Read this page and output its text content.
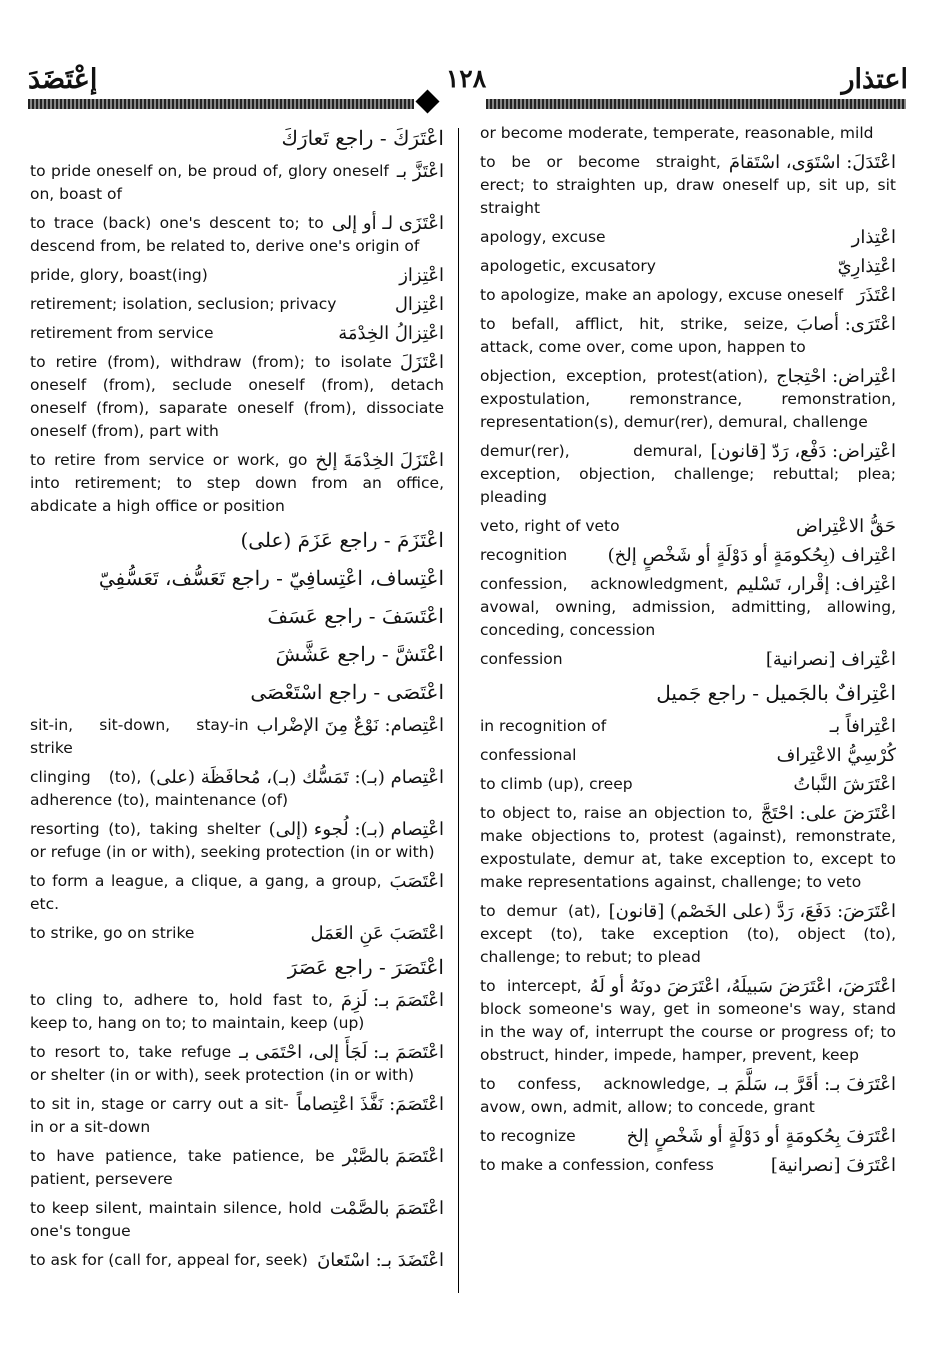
اعتذار
١٢٨
إعْتَضَدَ
اعْتَرَكَ - راجع تَعارَكَ
اعْتَزَّ بـ
to pride oneself on, be proud of, glory oneself on, boast of
اعْتَزَى لـ أو إلى
to trace (back) one's descent to; to descend from, be related to, derive one's origin of
اعْتِزاز
pride, glory, boast(ing)
اعْتِزال
retirement; isolation, seclusion; privacy
اعْتِزالُ الخِدْمَة
retirement from service
اعْتَزَلَ
to retire (from), withdraw (from); to isolate oneself (from), seclude oneself (from), detach oneself (from), saparate oneself (from), dissociate oneself (from), part with
اعْتَزَلَ الخِدْمَةَ إلخ
to retire from service or work, go into retirement; to step down from an office, abdicate a high office or position
اعْتَزَمَ - راجع عَزَمَ (على)
اعْتِساف، اعْتِسافِيّ - راجع تَعَسُّف، تَعَسُّفِيّ
اعْتَسَفَ - راجع عَسَفَ
اعْتَشَّ - راجع عَشَّشَ
اعْتَصَى - راجع اسْتَعْصَى
اعْتِصام: نَوْعٌ مِنَ الإضْراب
sit-in, sit-down, stay-in strike
اعْتِصام (بـ): تَمَسُّك (بـ)، مُحافَظَة (على)
clinging (to), adherence (to), maintenance (of)
اعْتِصام (بـ): لُجوء (إلى)
resorting (to), taking shelter or refuge (in or with), seeking protection (in or with)
اعْتَصَبَ
to form a league, a clique, a gang, a group, etc.
اعْتَصَبَ عَنِ العَمَل
to strike, go on strike
اعْتَصَرَ - راجع عَصَرَ
اعْتَصَمَ بـ: لَزِمَ
to cling to, adhere to, hold fast to, keep to, hang on to; to maintain, keep (up)
اعْتَصَمَ بـ: لَجَأَ إلى، احْتَمَى بـ
to resort to, take refuge or shelter (in or with), seek protection (in or with)
اعْتَصَمَ: نَفَّذَ اعْتِصاماً
to sit in, stage or carry out a sit-in or a sit-down
اعْتَصَمَ بالصَّبْر
to have patience, take patience, be patient, persevere
اعْتَصَمَ بالصَّمْت
to keep silent, maintain silence, hold one's tongue
اعْتَضَدَ بـ: اسْتَعانَ
to ask for (call for, appeal for, seek)
or become moderate, temperate, reasonable, mild
اعْتَدَلَ: اسْتَوَى، اسْتَقامَ
to be or become straight, erect; to straighten up, draw oneself up, sit up, sit straight
اعْتِذار
apology, excuse
اعْتِذارِيّ
apologetic, excusatory
اعْتَذَرَ
to apologize, make an apology, excuse oneself
اعْتَرَى: أصابَ
to befall, afflict, hit, strike, seize, attack, come over, come upon, happen to
اعْتِراض: احْتِجاج
objection, exception, protest(ation), expostulation, remonstrance, remonstration, representation(s), demur(rer), demural, challenge
اعْتِراض: دَفْع، رَدّ [قانون]
demur(rer), demural, exception, objection, challenge; rebuttal; plea; pleading
حَقُّ الاعْتِراض
veto, right of veto
اعْتِراف (بِحُكومَةٍ أو دَوْلَةٍ أو شَخْصٍ إلخ)
recognition
اعْتِراف: إقْرار، تَسْليم
confession, acknowledgment, avowal, owning, admission, admitting, allowing, conceding, concession
اعْتِراف [نصرانية]
confession
اعْتِرافٌ بالجَميل - راجع جَميل
اعْتِرافاً بـ
in recognition of
كُرْسِيُّ الاعْتِراف
confessional
اعْتَرَشَ النَّباتُ
to climb (up), creep
اعْتَرَضَ على: احْتَجَّ
to object to, raise an objection to, make objections to, protest (against), remonstrate, expostulate, demur at, take exception to, except to make representations against, challenge; to veto
اعْتَرَضَ: دَفَعَ، رَدَّ (على الخَصْم) [قانون]
to demur (at), except (to), take exception (to), object (to), challenge; to rebut; to plead
اعْتَرَضَ، اعْتَرَضَ سَبيلَهُ، اعْتَرَضَ دونَهُ أو لَهُ
to intercept, block someone's way, get in someone's way, stand in the way of, interrupt the course or progress of; to obstruct, hinder, impede, hamper, prevent, keep
اعْتَرَفَ بـ: أقَرَّ بـ، سَلَّمَ بـ
to confess, acknowledge, avow, own, admit, allow; to concede, grant
اعْتَرَفَ بِحُكومَةٍ أو دَوْلَةٍ أو شَخْصٍ إلخ
to recognize
اعْتَرَفَ [نصرانية]
to make a confession, confess
